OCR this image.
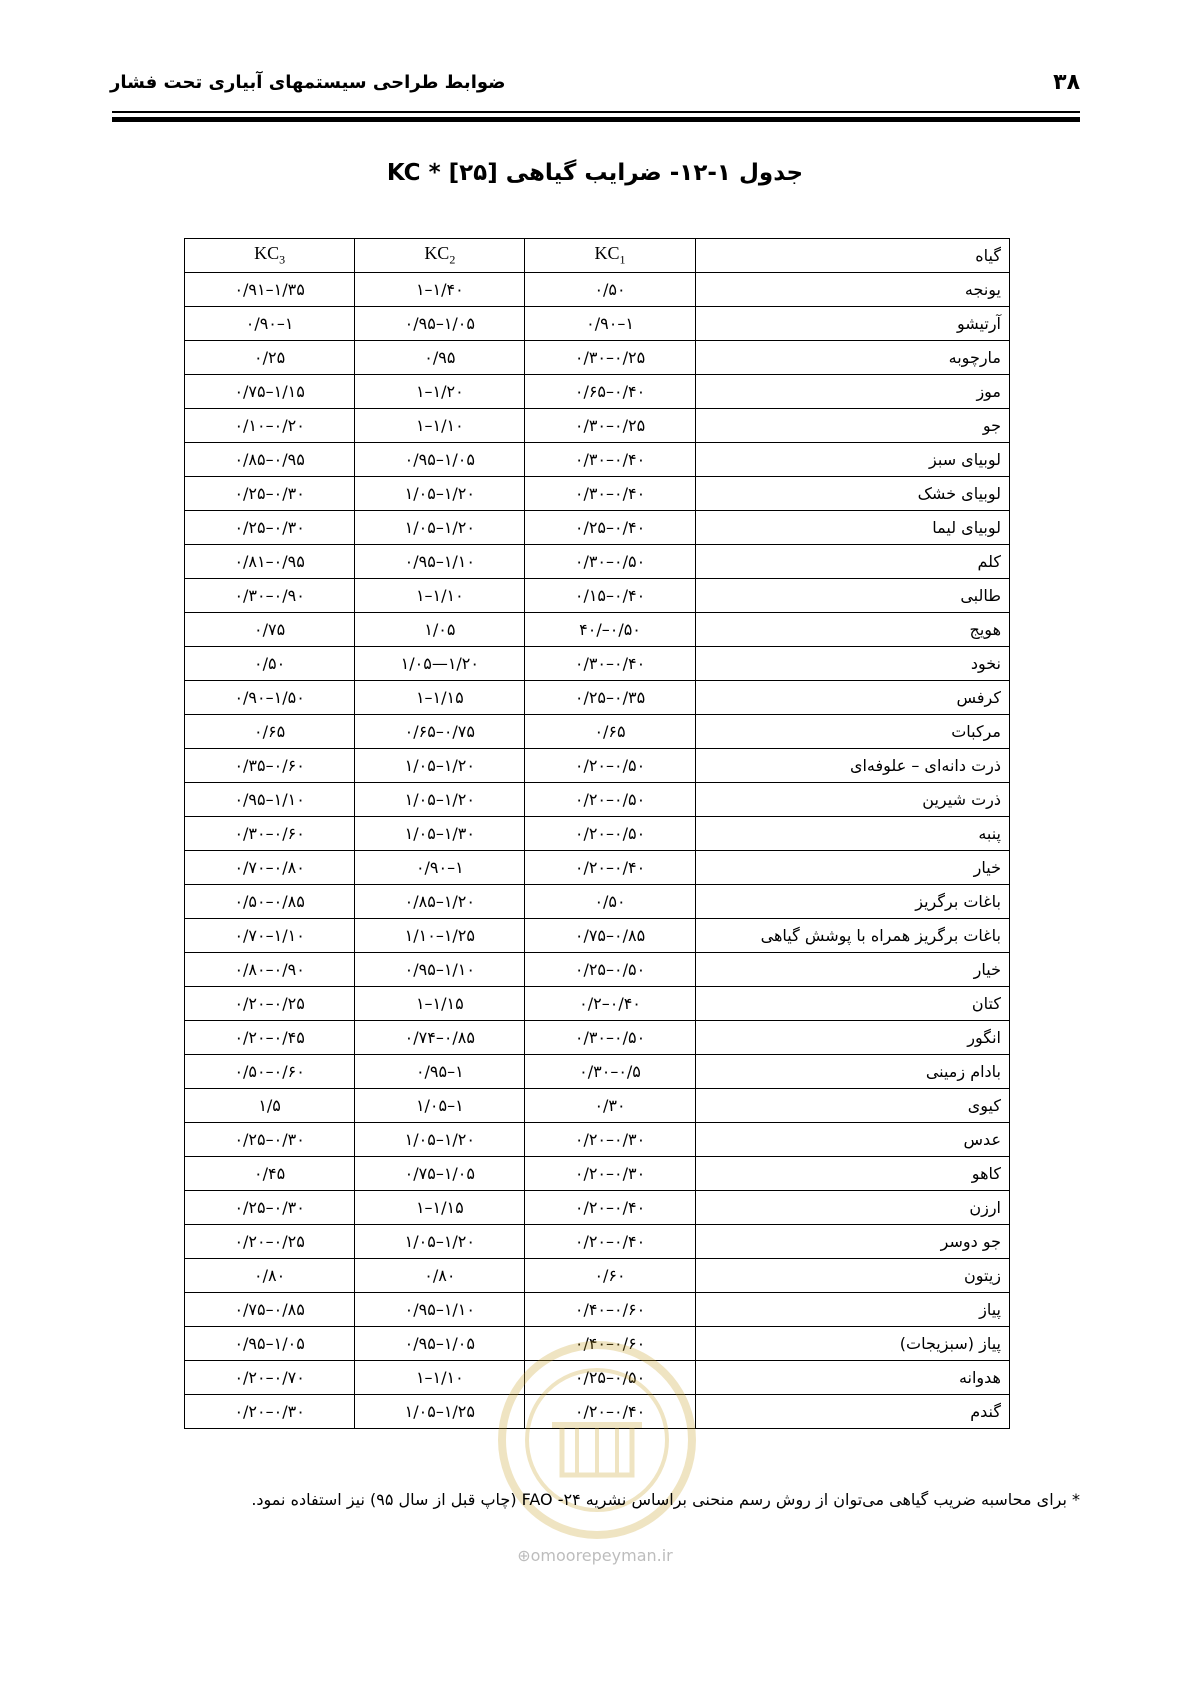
۳۸
ضوابط طراحی سیستمهای آبیاری تحت فشار
جدول ۱-۱۲- ضرایب گیاهی KC * [۲۵]
گیاه	$KC_1$	$KC_2$	$KC_3$
یونجه	۰/۵۰	۱/۴۰–۱	۱/۳۵–۰/۹۱
آرتیشو	۱–۰/۹۰	۱/۰۵–۰/۹۵	۱–۰/۹۰
مارچوبه	۰/۲۵–۰/۳۰	۰/۹۵	۰/۲۵
موز	۰/۴۰–۰/۶۵	۱/۲۰–۱	۱/۱۵–۰/۷۵
جو	۰/۲۵–۰/۳۰	۱/۱۰–۱	۰/۲۰–۰/۱۰
لوبیای سبز	۰/۴۰–۰/۳۰	۱/۰۵–۰/۹۵	۰/۹۵–۰/۸۵
لوبیای خشک	۰/۴۰–۰/۳۰	۱/۲۰–۱/۰۵	۰/۳۰–۰/۲۵
لوبیای لیما	۰/۴۰–۰/۲۵	۱/۲۰–۱/۰۵	۰/۳۰–۰/۲۵
کلم	۰/۵۰–۰/۳۰	۱/۱۰–۰/۹۵	۰/۹۵–۰/۸۱
طالبی	۰/۴۰–۰/۱۵	۱/۱۰–۱	۰/۹۰–۰/۳۰
هویج	۰/۵۰–/۴۰	۱/۰۵	۰/۷۵
نخود	۰/۴۰–۰/۳۰	۱/۲۰—۱/۰۵	۰/۵۰
کرفس	۰/۳۵–۰/۲۵	۱/۱۵–۱	۱/۵۰–۰/۹۰
مرکبات	۰/۶۵	۰/۷۵–۰/۶۵	۰/۶۵
ذرت دانه‌ای – علوفه‌ای	۰/۵۰–۰/۲۰	۱/۲۰–۱/۰۵	۰/۶۰–۰/۳۵
ذرت شیرین	۰/۵۰–۰/۲۰	۱/۲۰–۱/۰۵	۱/۱۰–۰/۹۵
پنبه	۰/۵۰–۰/۲۰	۱/۳۰–۱/۰۵	۰/۶۰–۰/۳۰
خیار	۰/۴۰–۰/۲۰	۱–۰/۹۰	۰/۸۰–۰/۷۰
باغات برگریز	۰/۵۰	۱/۲۰–۰/۸۵	۰/۸۵–۰/۵۰
باغات برگریز همراه با پوشش گیاهی	۰/۸۵–۰/۷۵	۱/۲۵–۱/۱۰	۱/۱۰–۰/۷۰
خیار	۰/۵۰–۰/۲۵	۱/۱۰–۰/۹۵	۰/۹۰–۰/۸۰
کتان	۰/۴۰–۰/۲	۱/۱۵–۱	۰/۲۵–۰/۲۰
انگور	۰/۵۰–۰/۳۰	۰/۸۵–۰/۷۴	۰/۴۵–۰/۲۰
بادام زمینی	۰/۵–۰/۳۰	۱–۰/۹۵	۰/۶۰–۰/۵۰
کیوی	۰/۳۰	۱–۱/۰۵	۱/۵
عدس	۰/۳۰–۰/۲۰	۱/۲۰–۱/۰۵	۰/۳۰–۰/۲۵
کاهو	۰/۳۰–۰/۲۰	۱/۰۵–۰/۷۵	۰/۴۵
ارزن	۰/۴۰–۰/۲۰	۱/۱۵–۱	۰/۳۰–۰/۲۵
جو دوسر	۰/۴۰–۰/۲۰	۱/۲۰–۱/۰۵	۰/۲۵–۰/۲۰
زیتون	۰/۶۰	۰/۸۰	۰/۸۰
پیاز	۰/۶۰–۰/۴۰	۱/۱۰–۰/۹۵	۰/۸۵–۰/۷۵
پیاز (سبزیجات)	۰/۶۰–۰/۴۰	۱/۰۵–۰/۹۵	۱/۰۵–۰/۹۵
هدوانه	۰/۵۰–۰/۲۵	۱/۱۰–۱	۰/۷۰–۰/۲۰
گندم	۰/۴۰–۰/۲۰	۱/۲۵–۱/۰۵	۰/۳۰–۰/۲۰
* برای محاسبه ضریب گیاهی می‌توان از روش رسم منحنی براساس نشریه ۲۴- FAO (چاپ قبل از سال ۹۵) نیز استفاده نمود.
⊕omoorepeyman.ir
